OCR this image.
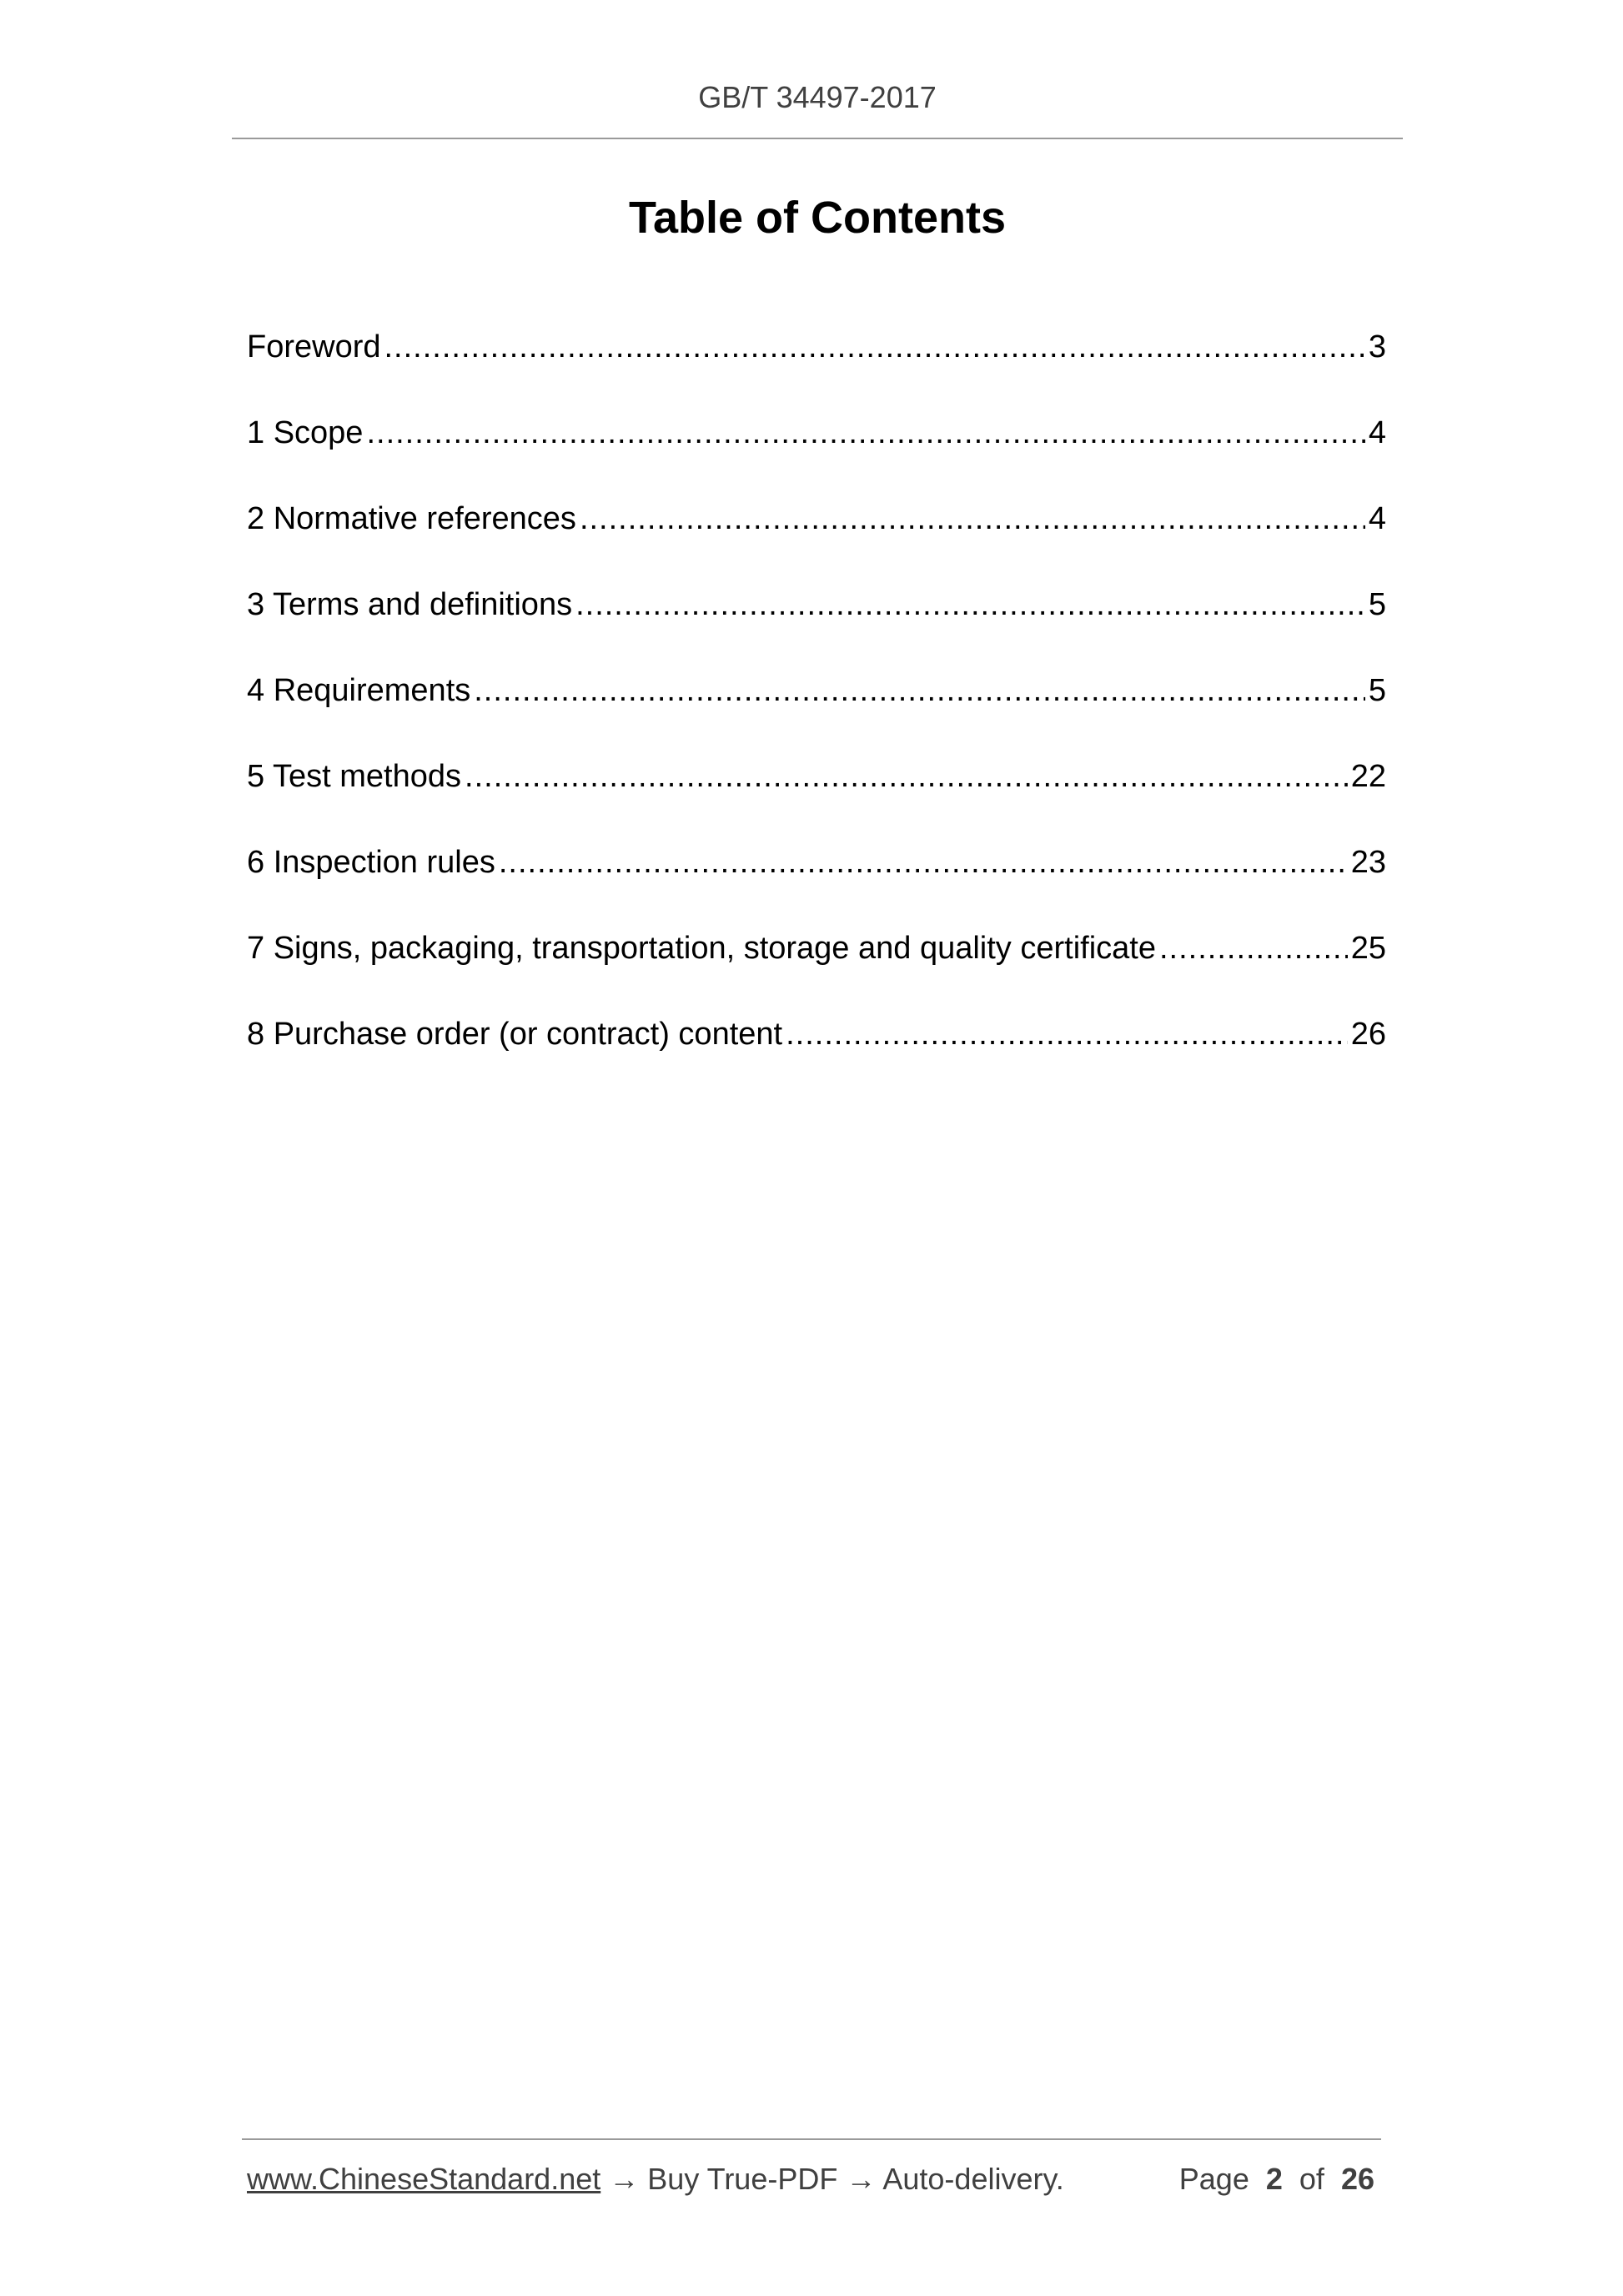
GB/T 34497-2017
Table of Contents
Foreword .....	3
1 Scope .....	4
2 Normative references .....	4
3 Terms and definitions .....	5
4 Requirements .....	5
5 Test methods .....	22
6 Inspection rules .....	23
7 Signs, packaging, transportation, storage and quality certificate .....	25
8 Purchase order (or contract) content .....	26
www.ChineseStandard.net → Buy True-PDF → Auto-delivery.	Page 2 of 26
